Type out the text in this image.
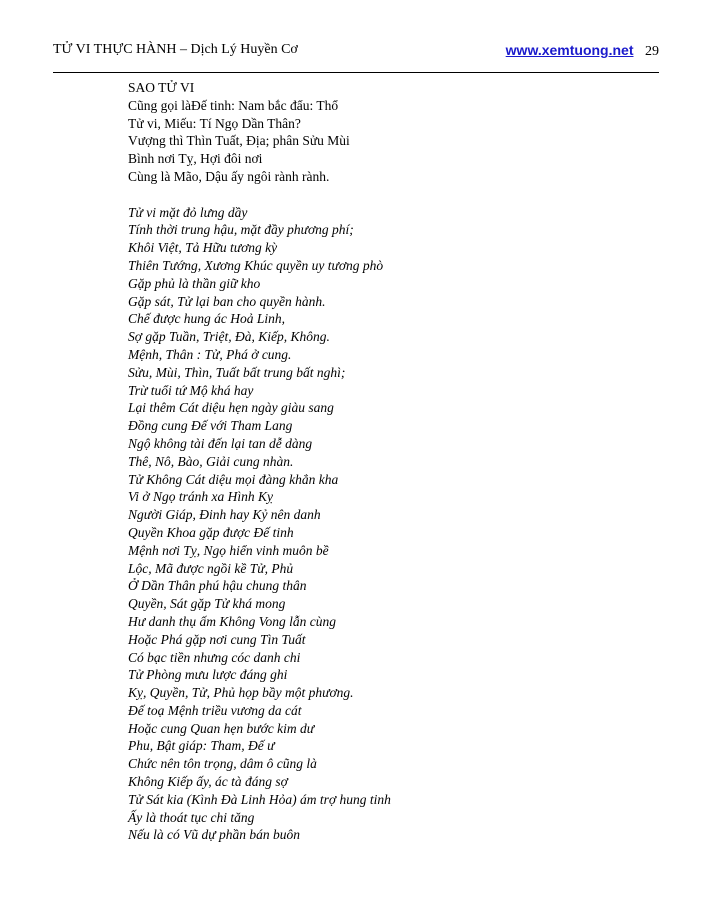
TỬ VI THỰC HÀNH – Dịch Lý Huyền Cơ	www.xemtuong.net 29
SAO TỬ VI
Cũng gọi làĐế tinh: Nam bắc đẩu: Thổ
Tử vi, Miếu: Tí Ngọ Dần Thân?
Vượng thì Thìn Tuất, Địa; phân Sửu Mùi
Bình nơi Tỵ, Hợi đôi nơi
Cùng là Mão, Dậu ấy ngôi rành rành.
Tử vi mặt đỏ lưng dầy
Tính thời trung hậu, mặt đầy phương phí;
Khôi Việt, Tả Hữu tương kỳ
Thiên Tướng, Xương Khúc quyền uy tương phò
Gặp phủ là thần giữ kho
Gặp sát, Tử lại ban cho quyền hành.
Chế được hung ác Hoả Linh,
Sợ gặp Tuần, Triệt, Đà, Kiếp, Không.
Mệnh, Thân : Tử, Phá ở cung.
Sửu, Mùi, Thìn, Tuất bất trung bất nghì;
Trừ tuổi tứ Mộ khá hay
Lại thêm Cát diệu hẹn ngày giàu sang
Đồng cung Đế với Tham Lang
Ngộ không tài đến lại tan dễ dàng
Thê, Nô, Bào, Giải cung nhàn.
Tử Không Cát diệu mọi đàng khẳn kha
Vi ở Ngọ tránh xa Hình Kỵ
Người Giáp, Đinh hay Kỷ nên danh
Quyền Khoa gặp được Đế tinh
Mệnh nơi Tỵ, Ngọ hiển vinh muôn bề
Lộc, Mã được ngồi kề Tử, Phủ
Ở Dần Thân phú hậu chung thân
Quyền, Sát gặp Tử khá mong
Hư danh thụ ấm Không Vong lẫn cùng
Hoặc Phá gặp nơi cung Tìn Tuất
Có bạc tiền nhưng cóc danh chi
Tử Phòng mưu lược đáng ghi
Kỵ, Quyền, Tử, Phủ họp bầy một phương.
Đế toạ Mệnh triều vương da cát
Hoặc cung Quan hẹn bước kim dư
Phu, Bật giáp: Tham, Đế ư
Chức nên tôn trọng, dâm ô cũng là
Không Kiếp ấy, ác tà đáng sợ
Tử Sát kia (Kình Đà Linh Hỏa) ám trợ hung tinh
Ấy là thoát tục chi tăng
Nếu là có Vũ dự phần bán buôn
